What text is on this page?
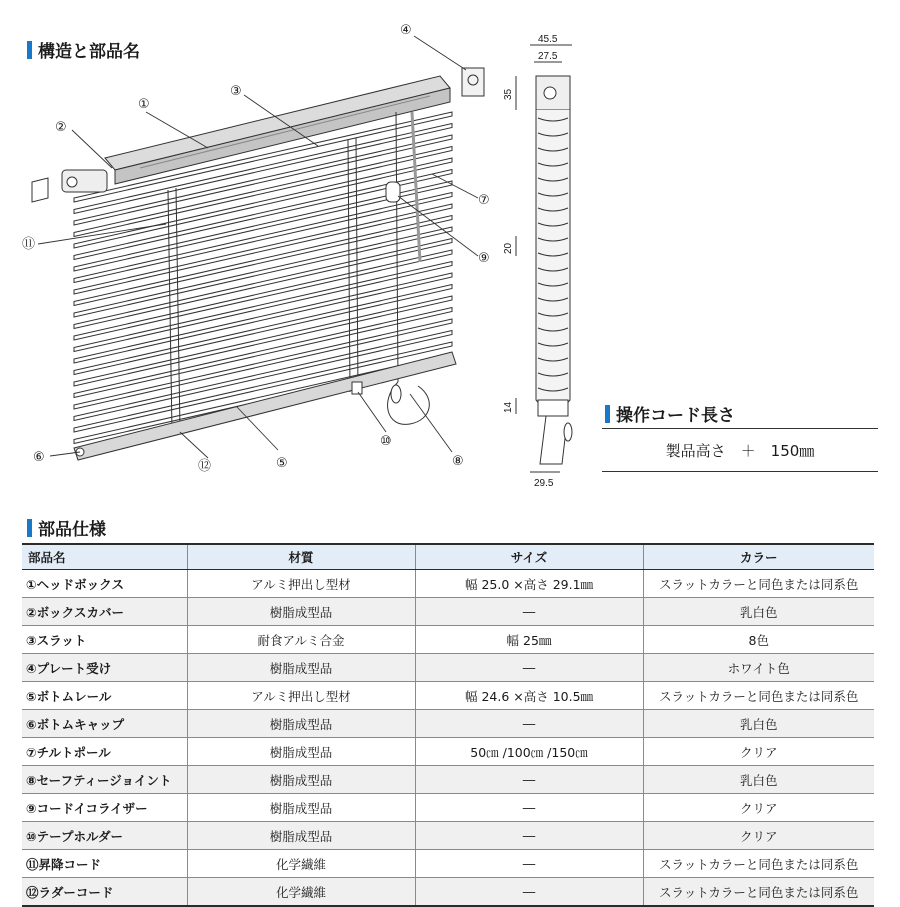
構造と部品名
①
②
③
④
⑤
⑥
⑦
⑧
⑨
⑩
⑪
⑫
45.5
27.5
35
20
14
29.5
操作コード長さ
製品高さ　＋　150㎜
部品仕様
部品名	材質	サイズ	カラー
①ヘッドボックス	アルミ押出し型材	幅 25.0 ×高さ 29.1㎜	スラットカラーと同色または同系色
②ボックスカバー	樹脂成型品	―	乳白色
③スラット	耐食アルミ合金	幅 25㎜	8色
④プレート受け	樹脂成型品	―	ホワイト色
⑤ボトムレール	アルミ押出し型材	幅 24.6 ×高さ 10.5㎜	スラットカラーと同色または同系色
⑥ボトムキャップ	樹脂成型品	―	乳白色
⑦チルトポール	樹脂成型品	50㎝ /100㎝ /150㎝	クリア
⑧セーフティージョイント	樹脂成型品	―	乳白色
⑨コードイコライザー	樹脂成型品	―	クリア
⑩テープホルダー	樹脂成型品	―	クリア
⑪昇降コード	化学繊維	―	スラットカラーと同色または同系色
⑫ラダーコード	化学繊維	―	スラットカラーと同色または同系色
